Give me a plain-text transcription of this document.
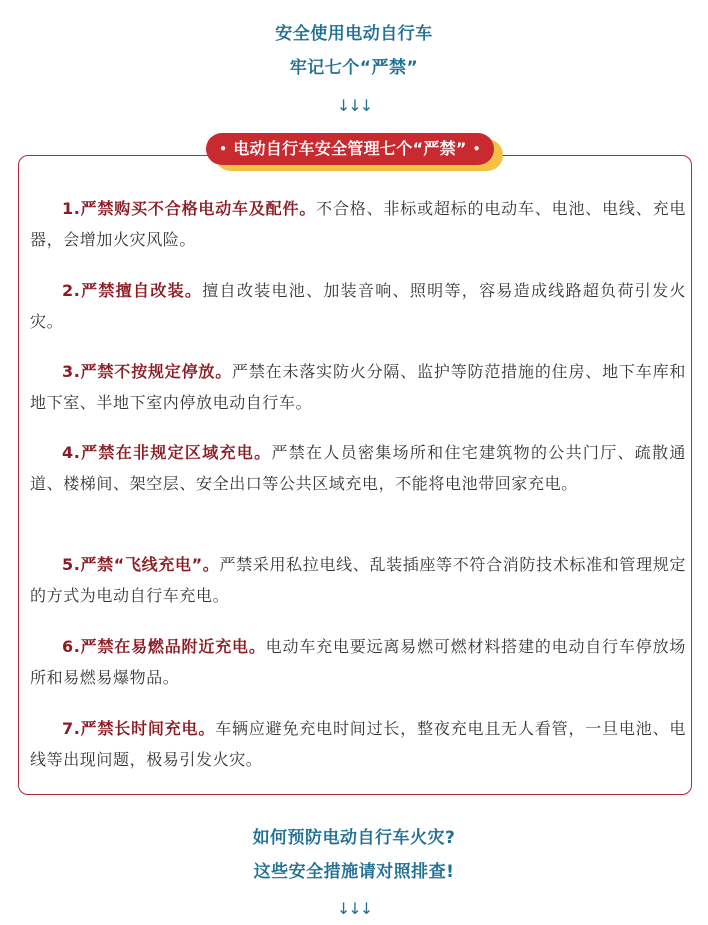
安全使用电动自行车
牢记七个“严禁”
↓↓↓
• 电动自行车安全管理七个“严禁” •

1.严禁购买不合格电动车及配件。不合格、非标或超标的电动车、电池、电线、充电器，会增加火灾风险。

2.严禁擅自改装。擅自改装电池、加装音响、照明等，容易造成线路超负荷引发火灾。

3.严禁不按规定停放。严禁在未落实防火分隔、监护等防范措施的住房、地下车库和地下室、半地下室内停放电动自行车。

4.严禁在非规定区域充电。严禁在人员密集场所和住宅建筑物的公共门厅、疏散通道、楼梯间、架空层、安全出口等公共区域充电，不能将电池带回家充电。

5.严禁“飞线充电”。严禁采用私拉电线、乱装插座等不符合消防技术标准和管理规定的方式为电动自行车充电。

6.严禁在易燃品附近充电。电动车充电要远离易燃可燃材料搭建的电动自行车停放场所和易燃易爆物品。

7.严禁长时间充电。车辆应避免充电时间过长，整夜充电且无人看管，一旦电池、电线等出现问题，极易引发火灾。

如何预防电动自行车火灾?
这些安全措施请对照排查!
↓↓↓
